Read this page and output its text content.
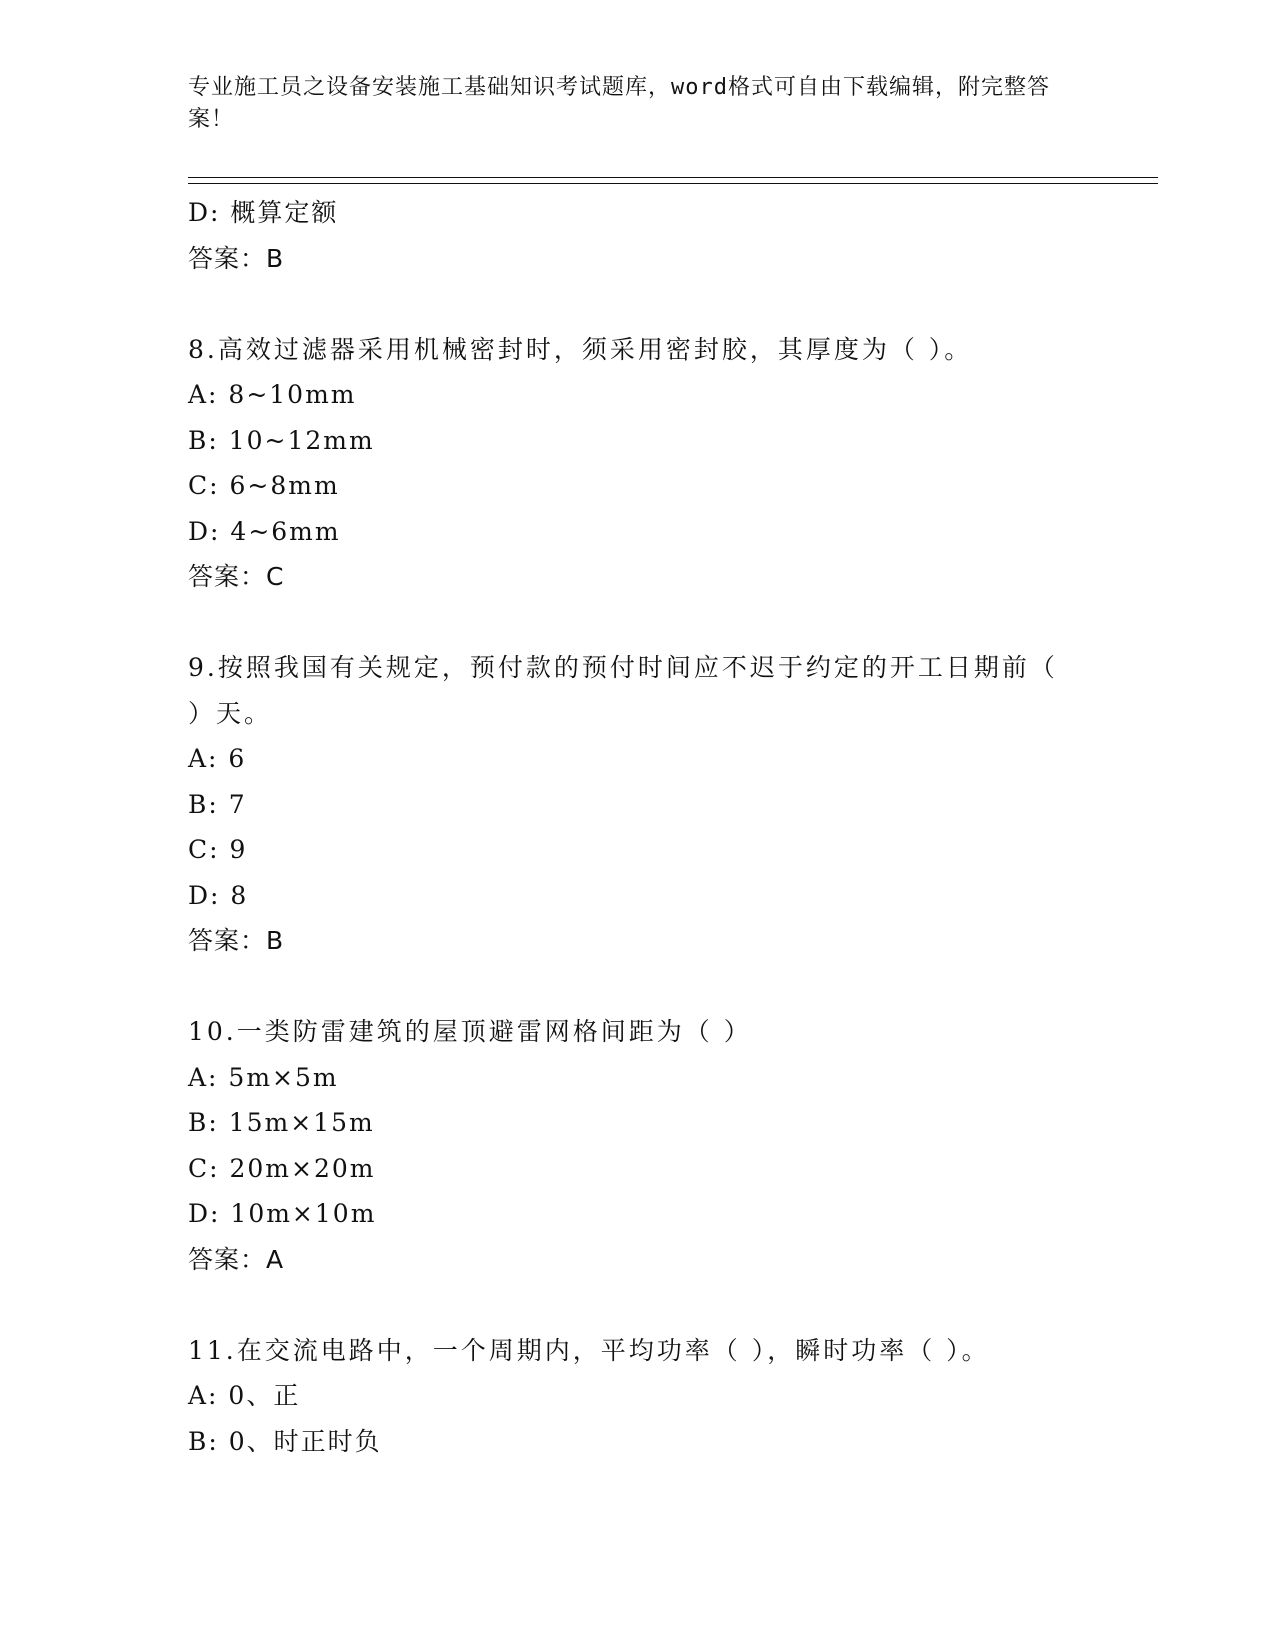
专业施工员之设备安装施工基础知识考试题库，word格式可自由下载编辑，附完整答案！
D: 概算定额
答案：B
8.高效过滤器采用机械密封时，须采用密封胶，其厚度为（ ）。
A: 8~10mm
B: 10~12mm
C: 6~8mm
D: 4~6mm
答案：C
9.按照我国有关规定，预付款的预付时间应不迟于约定的开工日期前（ ）天。
A: 6
B: 7
C: 9
D: 8
答案：B
10.一类防雷建筑的屋顶避雷网格间距为（ ）
A: 5m×5m
B: 15m×15m
C: 20m×20m
D: 10m×10m
答案：A
11.在交流电路中，一个周期内，平均功率（ ），瞬时功率（ ）。
A: 0、正
B: 0、时正时负
